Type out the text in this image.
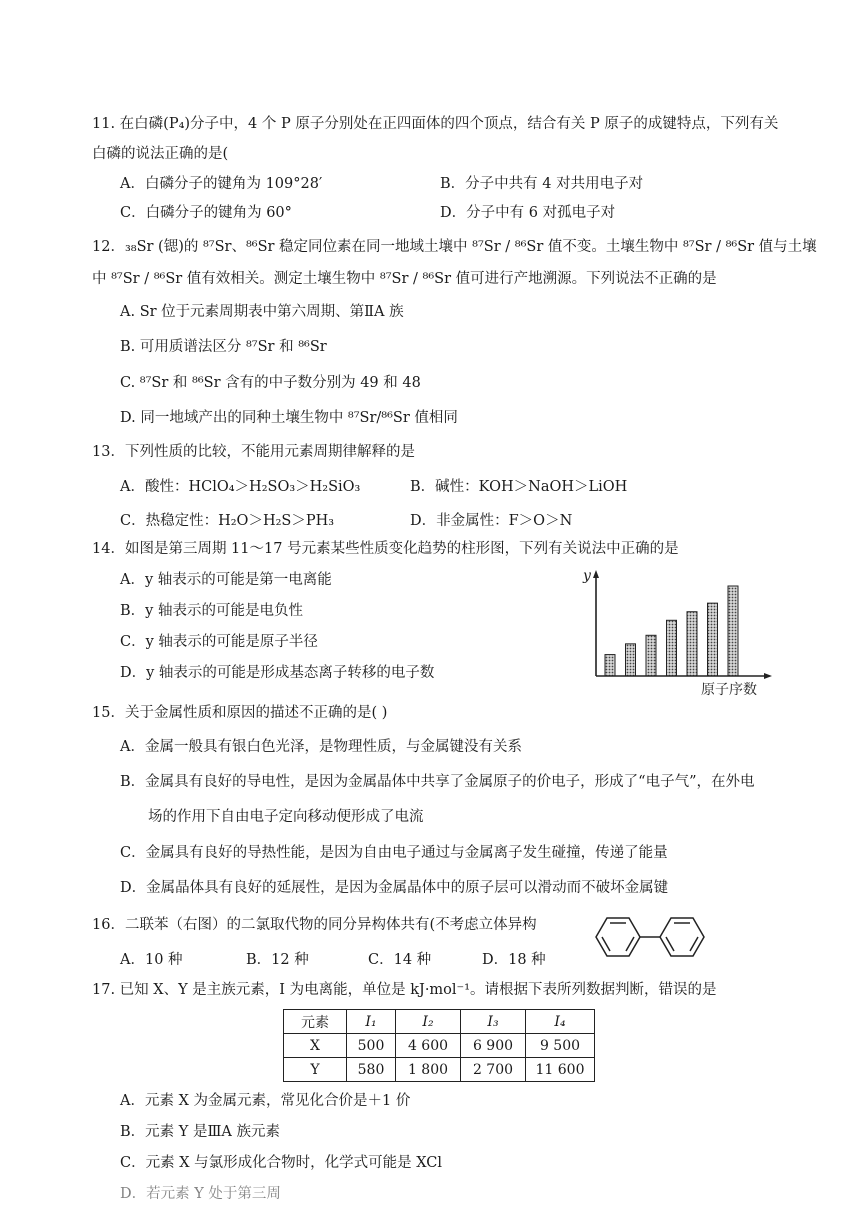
11. 在白磷(P₄)分子中，4 个 P 原子分别处在正四面体的四个顶点，结合有关 P 原子的成键特点，下列有关
白磷的说法正确的是(
A．白磷分子的键角为 109°28′	B．分子中共有 4 对共用电子对
C．白磷分子的键角为 60°	D．分子中有 6 对孤电子对
12．₃₈Sr (锶)的 ⁸⁷Sr、⁸⁶Sr 稳定同位素在同一地域土壤中 ⁸⁷Sr / ⁸⁶Sr 值不变。土壤生物中 ⁸⁷Sr / ⁸⁶Sr 值与土壤
中 ⁸⁷Sr / ⁸⁶Sr 值有效相关。测定土壤生物中 ⁸⁷Sr / ⁸⁶Sr 值可进行产地溯源。下列说法不正确的是
A. Sr 位于元素周期表中第六周期、第ⅡA 族
B. 可用质谱法区分 ⁸⁷Sr 和 ⁸⁶Sr
C. ⁸⁷Sr 和 ⁸⁶Sr 含有的中子数分别为 49 和 48
D. 同一地域产出的同种土壤生物中 ⁸⁷Sr/⁸⁶Sr 值相同
13．下列性质的比较，不能用元素周期律解释的是
A．酸性：HClO₄＞H₂SO₃＞H₂SiO₃	B．碱性：KOH＞NaOH＞LiOH
C．热稳定性：H₂O＞H₂S＞PH₃	D．非金属性：F＞O＞N
14．如图是第三周期 11～17 号元素某些性质变化趋势的柱形图，下列有关说法中正确的是
A．y 轴表示的可能是第一电离能
B．y 轴表示的可能是电负性
C．y 轴表示的可能是原子半径
D．y 轴表示的可能是形成基态离子转移的电子数
y
原子序数
15．关于金属性质和原因的描述不正确的是( )
A．金属一般具有银白色光泽，是物理性质，与金属键没有关系
B．金属具有良好的导电性，是因为金属晶体中共享了金属原子的价电子，形成了“电子气”，在外电
场的作用下自由电子定向移动便形成了电流
C．金属具有良好的导热性能，是因为自由电子通过与金属离子发生碰撞，传递了能量
D．金属晶体具有良好的延展性，是因为金属晶体中的原子层可以滑动而不破坏金属键
16．二联苯（右图）的二氯取代物的同分异构体共有(不考虑立体异构
A．10 种	B．12 种	C．14 种	D．18 种
17. 已知 X、Y 是主族元素，I 为电离能，单位是 kJ·mol⁻¹。请根据下表所列数据判断，错误的是
元素	I₁	I₂	I₃	I₄
X	500	4 600	6 900	9 500
Y	580	1 800	2 700	11 600
A．元素 X 为金属元素，常见化合价是＋1 价
B．元素 Y 是ⅢA 族元素
C．元素 X 与氯形成化合物时，化学式可能是 XCl
D．若元素 Y 处于第三周
